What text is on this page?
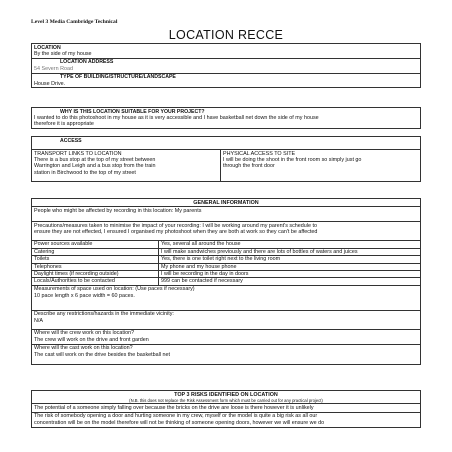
Level 3 Media Cambridge Technical
LOCATION RECCE
LOCATION
By the side of my house
LOCATION ADDRESS
54 Severn Road
TYPE OF BUILDING/STRUCTURE/LANDSCAPE
House Drive.
WHY IS THIS LOCATION SUITABLE FOR YOUR PROJECT?
I wanted to do this photoshoot in my house as it is very accessible and I have basketball net down the side of my house
therefore it is appropriate
ACCESS
TRANSPORT LINKS TO LOCATION
There is a bus stop at the top of my street between
Warrington and Leigh and a bus stop from the train
station in Birchwood to the top of my street
PHYSICAL ACCESS TO SITE
I will be doing the shoot in the front room so simply just go
through the front door
GENERAL INFORMATION
People who might be affected by recording in this location: My parents
Precautions/measures taken to minimise the impact of your recording: I will be working around my parent's schedule to
ensure they are not effected, I ensured I organised my photoshoot when they are both at work so they can't be affected
Power sources available	Yes, several all around the house
Catering	I will make sandwiches previously and there are lots of bottles of waters and juices
Toilets	Yes, there is one toilet right next to the living room
Telephones	My phone and my house phone
Daylight times (if recording outside)	I will be recording in the day in doors
Locals/Authorities to be contacted	999 can be contacted if necessary
Measurements of space used on location: (Use paces if necessary)
10 pace length x 6 pace width = 60 paces.
Describe any restrictions/hazards in the immediate vicinity:
N/A
Where will the crew work on this location?
The crew will work on the drive and front garden
Where will the cast work on this location?
The cast will work on the drive besides the basketball net
TOP 3 RISKS IDENTIFIED ON LOCATION
(N.B. this does not replace the Risk Assessment form which must be carried out for any practical project)
The potential of a someone simply falling over because the bricks on the drive are loose is there however it is unlikely
The risk of somebody opening a door and hurting someone in my crew, myself or the model is quite a big risk as all our
concentration will be on the model therefore will not be thinking of someone opening doors, however we will ensure we do
